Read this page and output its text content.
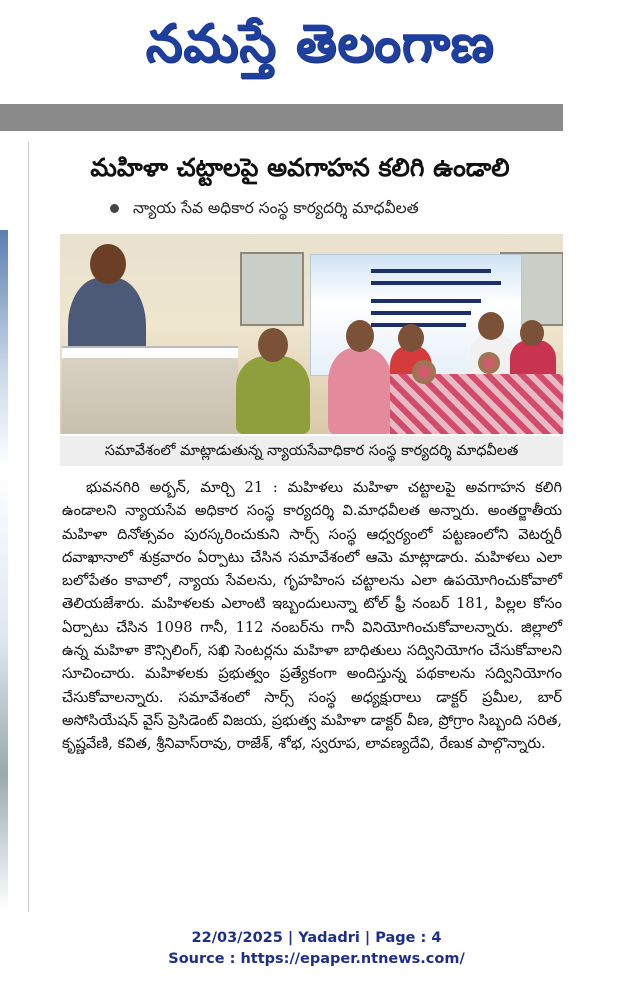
నమస్తే తెలంగాణ
మహిళా చట్టాలపై అవగాహన కలిగి ఉండాలి
న్యాయ సేవ అధికార సంస్థ కార్యదర్శి మాధవీలత
సమావేశంలో మాట్లాడుతున్న న్యాయసేవాధికార సంస్థ కార్యదర్శి మాధవీలత

భువనగిరి అర్బన్, మార్చి 21 : మహిళలు మహిళా చట్టాలపై అవగాహన కలిగి ఉండాలని న్యాయసేవ అధికార సంస్థ కార్యదర్శి వి.మాధవీలత అన్నారు. అంతర్జాతీయ మహిళా దినోత్సవం పురస్కరించుకుని సార్స్ సంస్థ ఆధ్వర్యంలో పట్టణంలోని వెటర్నరీ దవాఖానాలో శుక్రవారం ఏర్పాటు చేసిన సమావేశంలో ఆమె మాట్లాడారు. మహిళలు ఎలా బలోపేతం కావాలో, న్యాయ సేవలను, గృహహింస చట్టాలను ఎలా ఉపయోగించుకోవాలో తెలియజేశారు. మహిళలకు ఎలాంటి ఇబ్బందులున్నా టోల్ ఫ్రీ నంబర్ 181, పిల్లల కోసం ఏర్పాటు చేసిన 1098 గానీ, 112 నంబర్‌ను గానీ వినియోగించుకోవాలన్నారు. జిల్లాలో ఉన్న మహిళా కౌన్సిలింగ్, సఖి సెంటర్లను మహిళా బాధితులు సద్వినియోగం చేసుకోవాలని సూచించారు. మహిళలకు ప్రభుత్వం ప్రత్యేకంగా అందిస్తున్న పథకాలను సద్వినియోగం చేసుకోవాలన్నారు. సమావేశంలో సార్స్ సంస్థ అధ్యక్షురాలు డాక్టర్ ప్రమీల, బార్ అసోసియేషన్ వైస్ ప్రెసిడెంట్ విజయ, ప్రభుత్వ మహిళా డాక్టర్ వీణ, ప్రోగ్రాం సిబ్బంది సరిత, కృష్ణవేణి, కవిత, శ్రీనివాస్‌రావు, రాజేశ్, శోభ, స్వరూప, లావణ్యదేవి, రేణుక పాల్గొన్నారు.

22/03/2025 | Yadadri | Page : 4
Source : https://epaper.ntnews.com/
